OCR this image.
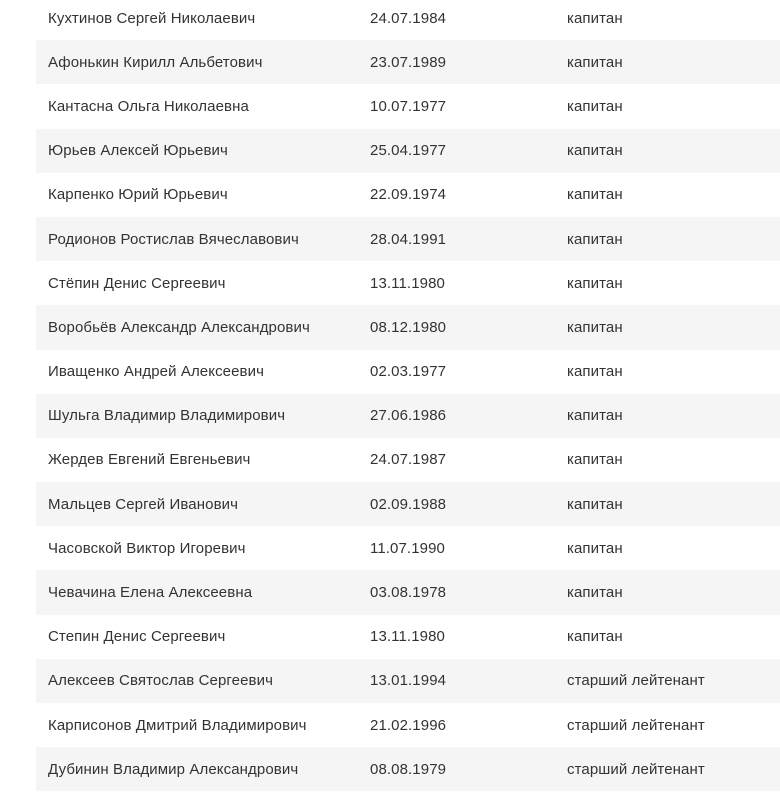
Кухтинов Сергей Николаевич	24.07.1984	капитан
Афонькин Кирилл Альбетович	23.07.1989	капитан
Кантасна Ольга Николаевна	10.07.1977	капитан
Юрьев Алексей Юрьевич	25.04.1977	капитан
Карпенко Юрий Юрьевич	22.09.1974	капитан
Родионов Ростислав Вячеславович	28.04.1991	капитан
Стёпин Денис Сергеевич	13.11.1980	капитан
Воробьёв Александр Александрович	08.12.1980	капитан
Иващенко Андрей Алексеевич	02.03.1977	капитан
Шульга Владимир Владимирович	27.06.1986	капитан
Жердев Евгений Евгеньевич	24.07.1987	капитан
Мальцев Сергей Иванович	02.09.1988	капитан
Часовской Виктор Игоревич	11.07.1990	капитан
Чевачина Елена Алексеевна	03.08.1978	капитан
Степин Денис Сергеевич	13.11.1980	капитан
Алексеев Святослав Сергеевич	13.01.1994	старший лейтенант
Карписонов Дмитрий Владимирович	21.02.1996	старший лейтенант
Дубинин Владимир Александрович	08.08.1979	старший лейтенант
